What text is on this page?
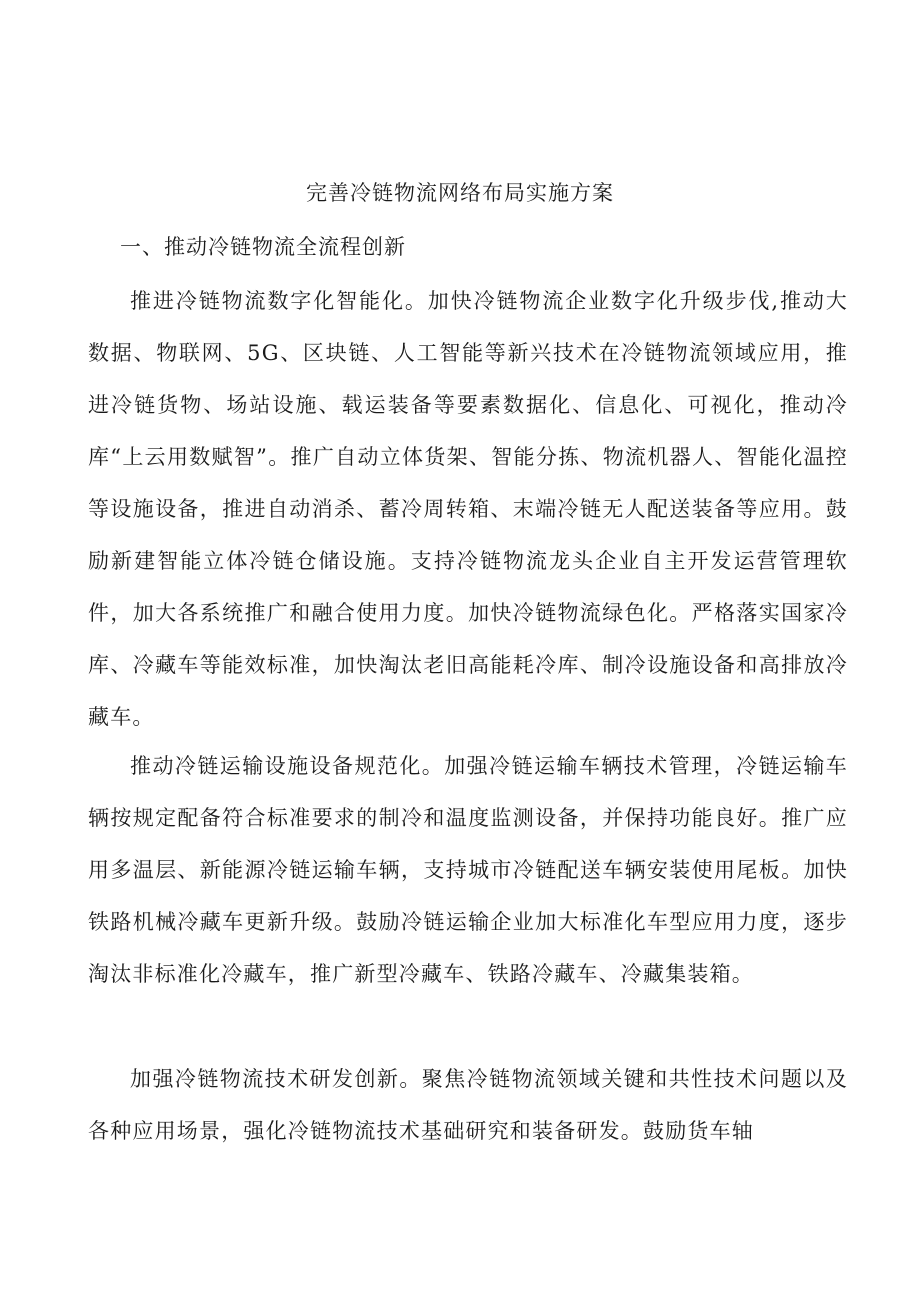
完善冷链物流网络布局实施方案
一、推动冷链物流全流程创新

推进冷链物流数字化智能化。加快冷链物流企业数字化升级步伐,推动大数据、物联网、5G、区块链、人工智能等新兴技术在冷链物流领域应用，推进冷链货物、场站设施、载运装备等要素数据化、信息化、可视化，推动冷库“上云用数赋智”。推广自动立体货架、智能分拣、物流机器人、智能化温控等设施设备，推进自动消杀、蓄冷周转箱、末端冷链无人配送装备等应用。鼓励新建智能立体冷链仓储设施。支持冷链物流龙头企业自主开发运营管理软件，加大各系统推广和融合使用力度。加快冷链物流绿色化。严格落实国家冷库、冷藏车等能效标准，加快淘汰老旧高能耗冷库、制冷设施设备和高排放冷藏车。

推动冷链运输设施设备规范化。加强冷链运输车辆技术管理，冷链运输车辆按规定配备符合标准要求的制冷和温度监测设备，并保持功能良好。推广应用多温层、新能源冷链运输车辆，支持城市冷链配送车辆安装使用尾板。加快铁路机械冷藏车更新升级。鼓励冷链运输企业加大标准化车型应用力度，逐步淘汰非标准化冷藏车，推广新型冷藏车、铁路冷藏车、冷藏集装箱。

加强冷链物流技术研发创新。聚焦冷链物流领域关键和共性技术问题以及各种应用场景，强化冷链物流技术基础研究和装备研发。鼓励货车轴
